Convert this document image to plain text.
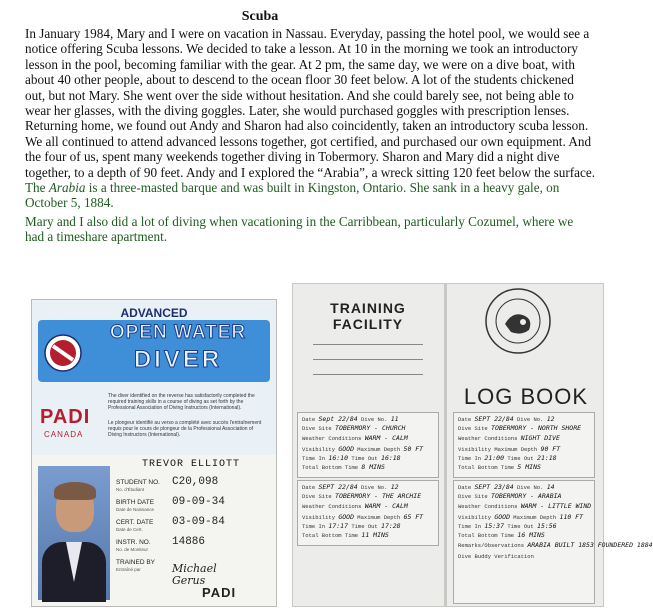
Scuba

In January 1984, Mary and I were on vacation in Nassau. Everyday, passing the hotel pool, we would see a notice offering Scuba lessons. We decided to take a lesson. At 10 in the morning we took an introductory lesson in the pool, becoming familiar with the gear. At 2 pm, the same day, we were on a dive boat, with about 40 other people, about to descend to the ocean floor 30 feet below. A lot of the students chickened out, but not Mary. She went over the side without hesitation. And she could barely see, not being able to wear her glasses, with the diving goggles. Later, she would purchased goggles with prescription lenses.

Returning home, we found out Andy and Sharon had also coincidently, taken an introductory scuba lesson. We all continued to attend advanced lessons together, got certified, and purchased our own equipment. And the four of us, spent many weekends together diving in Tobermory. Sharon and Mary did a night dive together, to a depth of 90 feet. Andy and I explored the “Arabia”, a wreck sitting 120 feet below the surface.

The Arabia is a three-masted barque and was built in Kingston, Ontario. She sank in a heavy gale, on October 5, 1884.

Mary and I also did a lot of diving when vacationing in the Carribbean, particularly Cozumel, where we had a timeshare apartment.

ADVANCED
OPEN WATER
DIVER
The diver identified on the reverse has satisfactorily completed the required training skills in a course of diving as set forth by the Professional Association of Diving Instructors (International).
Le plongeur identifié au verso a complété avec succès l'entraînement requis pour le cours de plongeur de la Professional Association of Diving Instructors (International).
PADI
CANADA
TREVOR ELLIOTT
STUDENT NO.
No. d'Étudiant
C20,098
BIRTH DATE
Date de Naissance
09-09-34
CERT. DATE
Date de Cert.
03-09-84
INSTR. NO.
No. de Moniteur
14886
TRAINED BY
Entraîné par	Michael
Gerus
PADI
TRAINING
FACILITY
LOG BOOK
Date Sept 22/84 Dive No. 11
Dive Site TOBERMORY - CHURCH
Weather Conditions WARM - CALM
Visibility GOOD Maximum Depth 50 FT
Time In 16:10 Time Out 16:18
Total Bottom Time 8 MINS
Date SEPT 22/84 Dive No. 12
Dive Site TOBERMORY - THE ARCHIE
Weather Conditions WARM - CALM
Visibility GOOD Maximum Depth 65 FT
Time In 17:17 Time Out 17:28
Total Bottom Time 11 MINS
Date SEPT 22/84 Dive No. 12
Dive Site TOBERMORY - NORTH SHORE
Weather Conditions NIGHT DIVE
Visibility Maximum Depth 90 FT
Time In 21:00 Time Out 21:18
Total Bottom Time 5 MINS
Date SEPT 23/84 Dive No. 14
Dive Site TOBERMORY - ARABIA
Weather Conditions WARM - LITTLE WIND
Visibility GOOD Maximum Depth 110 FT
Time In 15:37 Time Out 15:56
Total Bottom Time 16 MINS
Remarks/Observations ARABIA BUILT 1853 FOUNDERED 1884
Dive Buddy Verification
